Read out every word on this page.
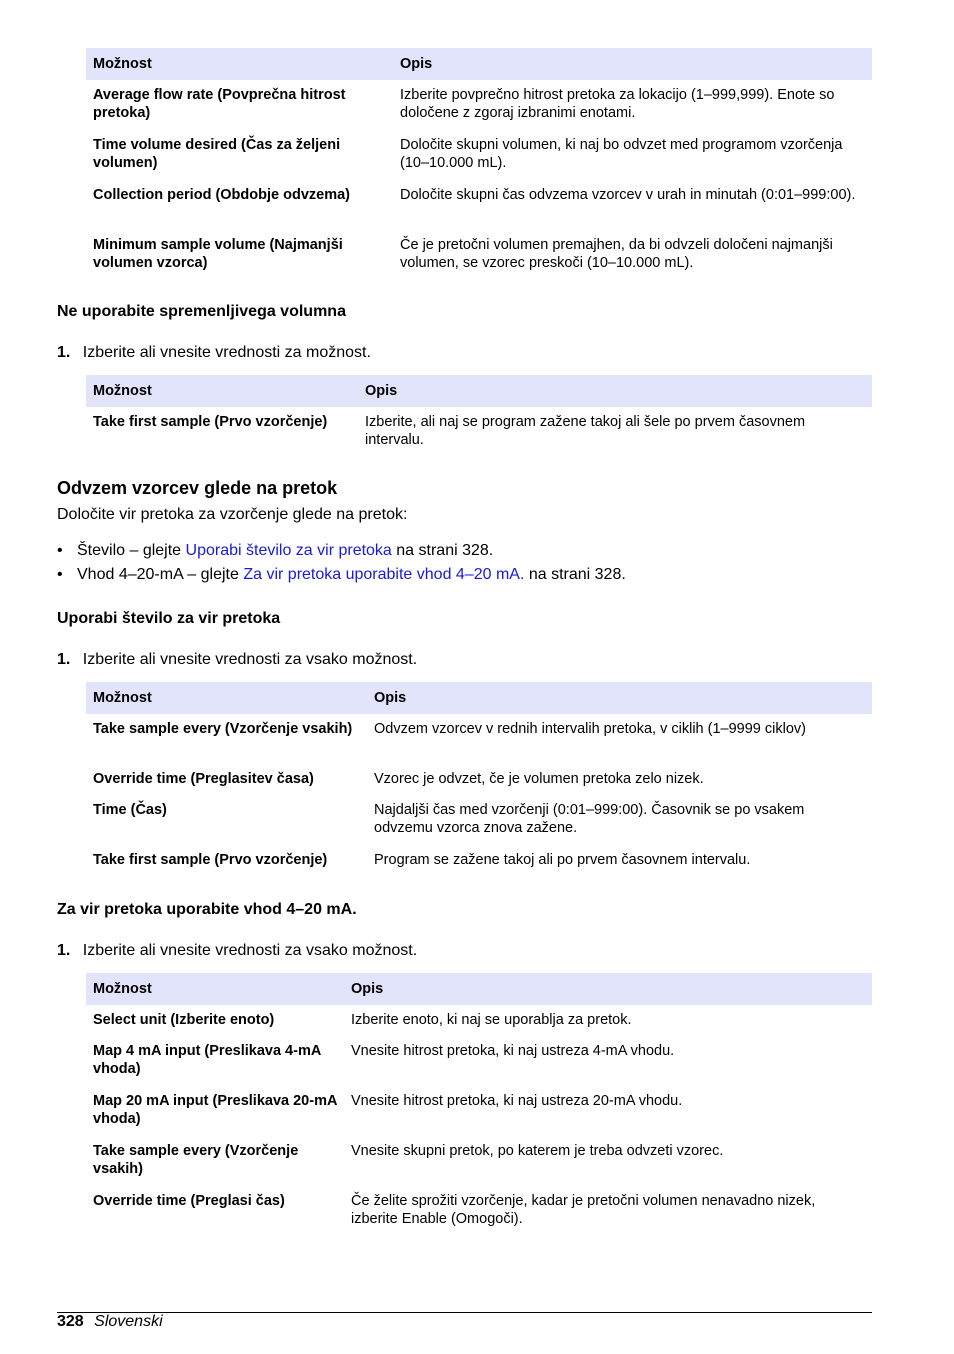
Možnost	Opis
Average flow rate (Povprečna hitrost pretoka)	Izberite povprečno hitrost pretoka za lokacijo (1–999,999). Enote so določene z zgoraj izbranimi enotami.
Time volume desired (Čas za željeni volumen)	Določite skupni volumen, ki naj bo odvzet med programom vzorčenja (10–10.000 mL).
Collection period (Obdobje odvzema)	Določite skupni čas odvzema vzorcev v urah in minutah (0:01–999:00).
Minimum sample volume (Najmanjši volumen vzorca)	Če je pretočni volumen premajhen, da bi odvzeli določeni najmanjši volumen, se vzorec preskoči (10–10.000 mL).
Ne uporabite spremenljivega volumna
1. Izberite ali vnesite vrednosti za možnost.
Možnost	Opis
Take first sample (Prvo vzorčenje)	Izberite, ali naj se program zažene takoj ali šele po prvem časovnem intervalu.
Odvzem vzorcev glede na pretok
Določite vir pretoka za vzorčenje glede na pretok:
• Število – glejte Uporabi število za vir pretoka na strani 328.
• Vhod 4–20-mA – glejte Za vir pretoka uporabite vhod 4–20 mA. na strani 328.
Uporabi število za vir pretoka
1. Izberite ali vnesite vrednosti za vsako možnost.
Možnost	Opis
Take sample every (Vzorčenje vsakih)	Odvzem vzorcev v rednih intervalih pretoka, v ciklih (1–9999 ciklov)
Override time (Preglasitev časa)	Vzorec je odvzet, če je volumen pretoka zelo nizek.
Time (Čas)	Najdaljši čas med vzorčenji (0:01–999:00). Časovnik se po vsakem odvzemu vzorca znova zažene.
Take first sample (Prvo vzorčenje)	Program se zažene takoj ali po prvem časovnem intervalu.
Za vir pretoka uporabite vhod 4–20 mA.
1. Izberite ali vnesite vrednosti za vsako možnost.
Možnost	Opis
Select unit (Izberite enoto)	Izberite enoto, ki naj se uporablja za pretok.
Map 4 mA input (Preslikava 4-mA vhoda)	Vnesite hitrost pretoka, ki naj ustreza 4-mA vhodu.
Map 20 mA input (Preslikava 20-mA vhoda)	Vnesite hitrost pretoka, ki naj ustreza 20-mA vhodu.
Take sample every (Vzorčenje vsakih)	Vnesite skupni pretok, po katerem je treba odvzeti vzorec.
Override time (Preglasi čas)	Če želite sprožiti vzorčenje, kadar je pretočni volumen nenavadno nizek, izberite Enable (Omogoči).
328 Slovenski
